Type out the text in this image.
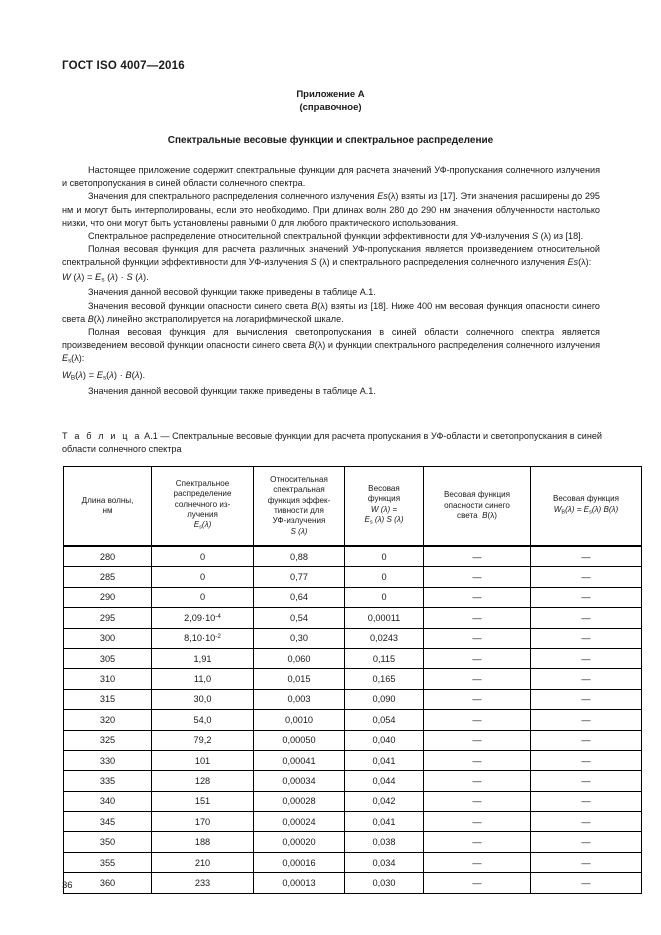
ГОСТ ISO 4007—2016
Приложение А
(справочное)
Спектральные весовые функции и спектральное распределение

Настоящее приложение содержит спектральные функции для расчета значений УФ-пропускания солнечного излучения и светопропускания в синей области солнечного спектра.

Значения для спектрального распределения солнечного излучения Es(λ) взяты из [17]. Эти значения расширены до 295 нм и могут быть интерполированы, если это необходимо. При длинах волн 280 до 290 нм значения облученности настолько низки, что они могут быть установлены равными 0 для любого практического использования.

Спектральное распределение относительной спектральной функции эффективности для УФ-излучения S (λ) из [18].

Полная весовая функция для расчета различных значений УФ-пропускания является произведением относительной спектральной функции эффективности для УФ-излучения S (λ) и спектрального распределения солнечного излучения Es(λ):

W $(\lambda) = E_s$ (λ) · S (λ).

Значения данной весовой функции также приведены в таблице А.1.

Значения весовой функции опасности синего света B(λ) взяты из [18]. Ниже 400 нм весовая функция опасности синего света B(λ) линейно экстраполируется на логарифмической шкале.

Полная весовая функция для вычисления светопропускания в синей области солнечного спектра является произведением весовой функции опасности синего света B(λ) и функции спектрального распределения солнечного излучения $E_s(\lambda)$:

$W_B(\lambda) = E_s(\lambda) \cdot B(\lambda)$.

Значения данной весовой функции также приведены в таблице А.1.

Т а б л и ц а А.1 — Спектральные весовые функции для расчета пропускания в УФ-области и светопропускания в синей области солнечного спектра
Длина волны,
нм	Спектральное
распределение
солнечного из-
лучения
$E_s(\lambda)$	Относительная
спектральная
функция эффек-
тивности для
УФ-излучения
S (λ)	Весовая
функция
W (λ) =
$E_s$ (λ) S (λ)	Весовая функция
опасности синего
света  B(λ)	Весовая функция
$W_B(\lambda) = E_s(\lambda)$ B(λ)
280	0	0,88	0	—	—
285	0	0,77	0	—	—
290	0	0,64	0	—	—
295	$2,09\cdot 10^{-4}$	0,54	0,00011	—	—
300	$8,10\cdot 10^{-2}$	0,30	0,0243	—	—
305	1,91	0,060	0,115	—	—
310	11,0	0,015	0,165	—	—
315	30,0	0,003	0,090	—	—
320	54,0	0,0010	0,054	—	—
325	79,2	0,00050	0,040	—	—
330	101	0,00041	0,041	—	—
335	128	0,00034	0,044	—	—
340	151	0,00028	0,042	—	—
345	170	0,00024	0,041	—	—
350	188	0,00020	0,038	—	—
355	210	0,00016	0,034	—	—
360	233	0,00013	0,030	—	—
36
